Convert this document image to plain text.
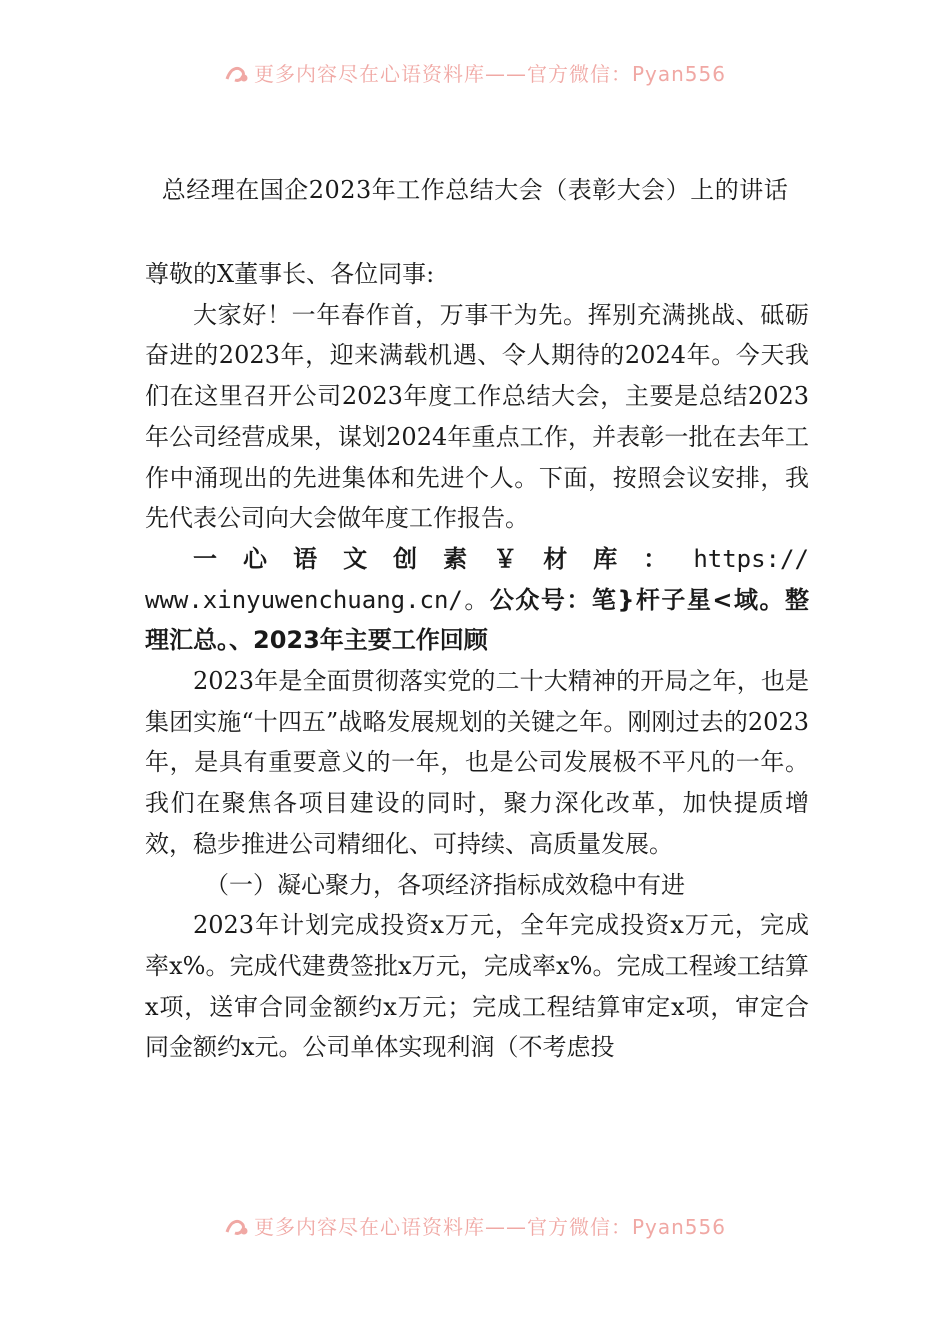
更多内容尽在心语资料库——官方微信：Pyan556
总经理在国企2023年工作总结大会（表彰大会）上的讲话

尊敬的X董事长、各位同事:

大家好！一年春作首，万事干为先。挥别充满挑战、砥砺奋进的2023年，迎来满载机遇、令人期待的2024年。今天我们在这里召开公司2023年度工作总结大会，主要是总结2023年公司经营成果，谋划2024年重点工作，并表彰一批在去年工作中涌现出的先进集体和先进个人。下面，按照会议安排，我先代表公司向大会做年度工作报告。

一 心 语 文 创 素 ￥ 材 库 ： https://

www.xinyuwenchuang.cn/。公众号：笔}杆子星<域。整理汇总。、2023年主要工作回顾

2023年是全面贯彻落实党的二十大精神的开局之年，也是集团实施“十四五”战略发展规划的关键之年。刚刚过去的2023年，是具有重要意义的一年，也是公司发展极不平凡的一年。我们在聚焦各项目建设的同时，聚力深化改革，加快提质增效，稳步推进公司精细化、可持续、高质量发展。

（一）凝心聚力，各项经济指标成效稳中有进

2023年计划完成投资x万元，全年完成投资x万元，完成率x%。完成代建费签批x万元，完成率x%。完成工程竣工结算x项，送审合同金额约x万元；完成工程结算审定x项，审定合同金额约x元。公司单体实现利润（不考虑投

更多内容尽在心语资料库——官方微信：Pyan556
